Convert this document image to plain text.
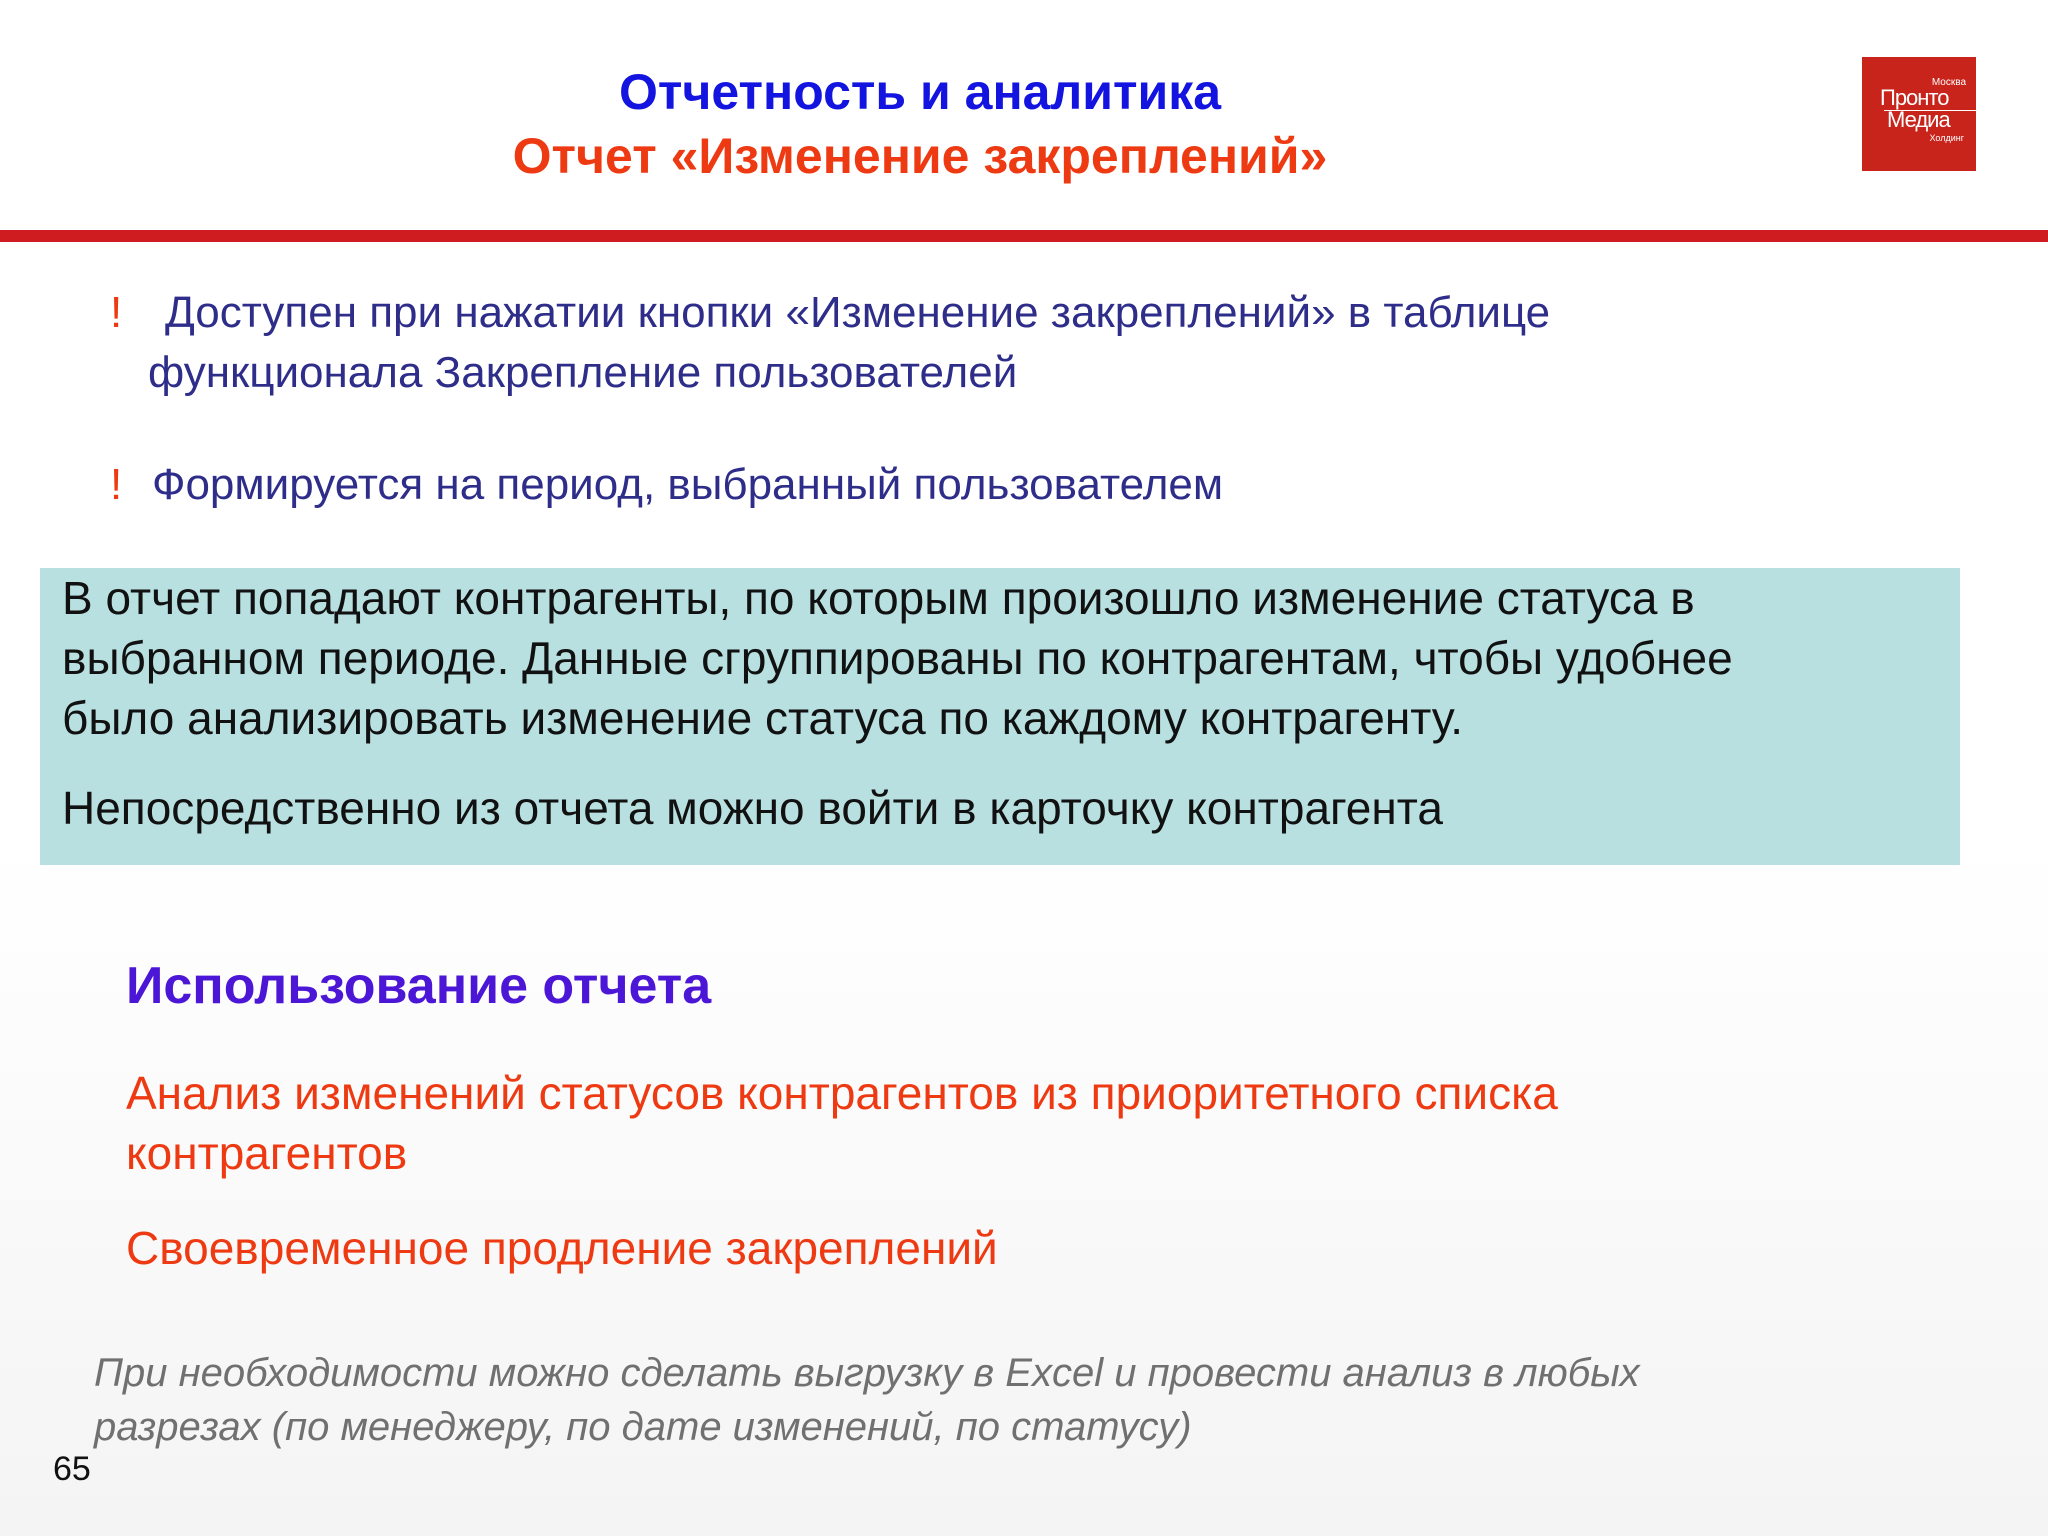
Отчетность и аналитика
Отчет «Изменение закреплений»
Москва
Пронто
Медиа
Холдинг
! Доступен при нажатии кнопки «Изменение закреплений» в таблице
функционала Закрепление пользователей
! Формируется на период, выбранный пользователем
В отчет попадают контрагенты, по которым произошло изменение статуса в
выбранном периоде. Данные сгруппированы по контрагентам, чтобы удобнее
было анализировать изменение статуса по каждому контрагенту.
Непосредственно из отчета можно войти в карточку контрагента
Использование отчета
Анализ изменений статусов контрагентов из приоритетного списка
контрагентов
Своевременное продление закреплений
При необходимости можно сделать выгрузку в Excel и провести анализ в любых
разрезах (по менеджеру, по дате изменений, по статусу)
65
